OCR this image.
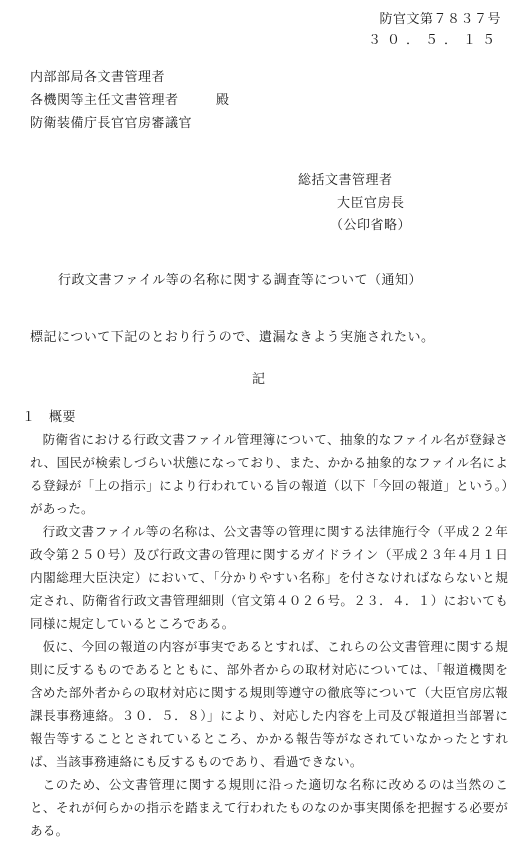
防官文第７８３７号
３０．５．１５
内部部局各文書管理者
各機関等主任文書管理者	殿
防衛装備庁長官官房審議官
総括文書管理者
大臣官房長
（公印省略）
行政文書ファイル等の名称に関する調査等について（通知）
標記について下記のとおり行うので、遺漏なきよう実施されたい。
記
１　概要

防衛省における行政文書ファイル管理簿について、抽象的なファイル名が登録され、国民が検索しづらい状態になっており、また、かかる抽象的なファイル名による登録が「上の指示」により行われている旨の報道（以下「今回の報道」という。）があった。

行政文書ファイル等の名称は、公文書等の管理に関する法律施行令（平成２２年政令第２５０号）及び行政文書の管理に関するガイドライン（平成２３年４月１日内閣総理大臣決定）において、「分かりやすい名称」を付さなければならないと規定され、防衛省行政文書管理細則（官文第４０２６号。２３．４．１）においても同様に規定しているところである。

仮に、今回の報道の内容が事実であるとすれば、これらの公文書管理に関する規則に反するものであるとともに、部外者からの取材対応については、「報道機関を含めた部外者からの取材対応に関する規則等遵守の徹底等について（大臣官房広報課長事務連絡。３０．５．８）」により、対応した内容を上司及び報道担当部署に報告等することとされているところ、かかる報告等がなされていなかったとすれば、当該事務連絡にも反するものであり、看過できない。

このため、公文書管理に関する規則に沿った適切な名称に改めるのは当然のこと、それが何らかの指示を踏まえて行われたものなのか事実関係を把握する必要がある。
